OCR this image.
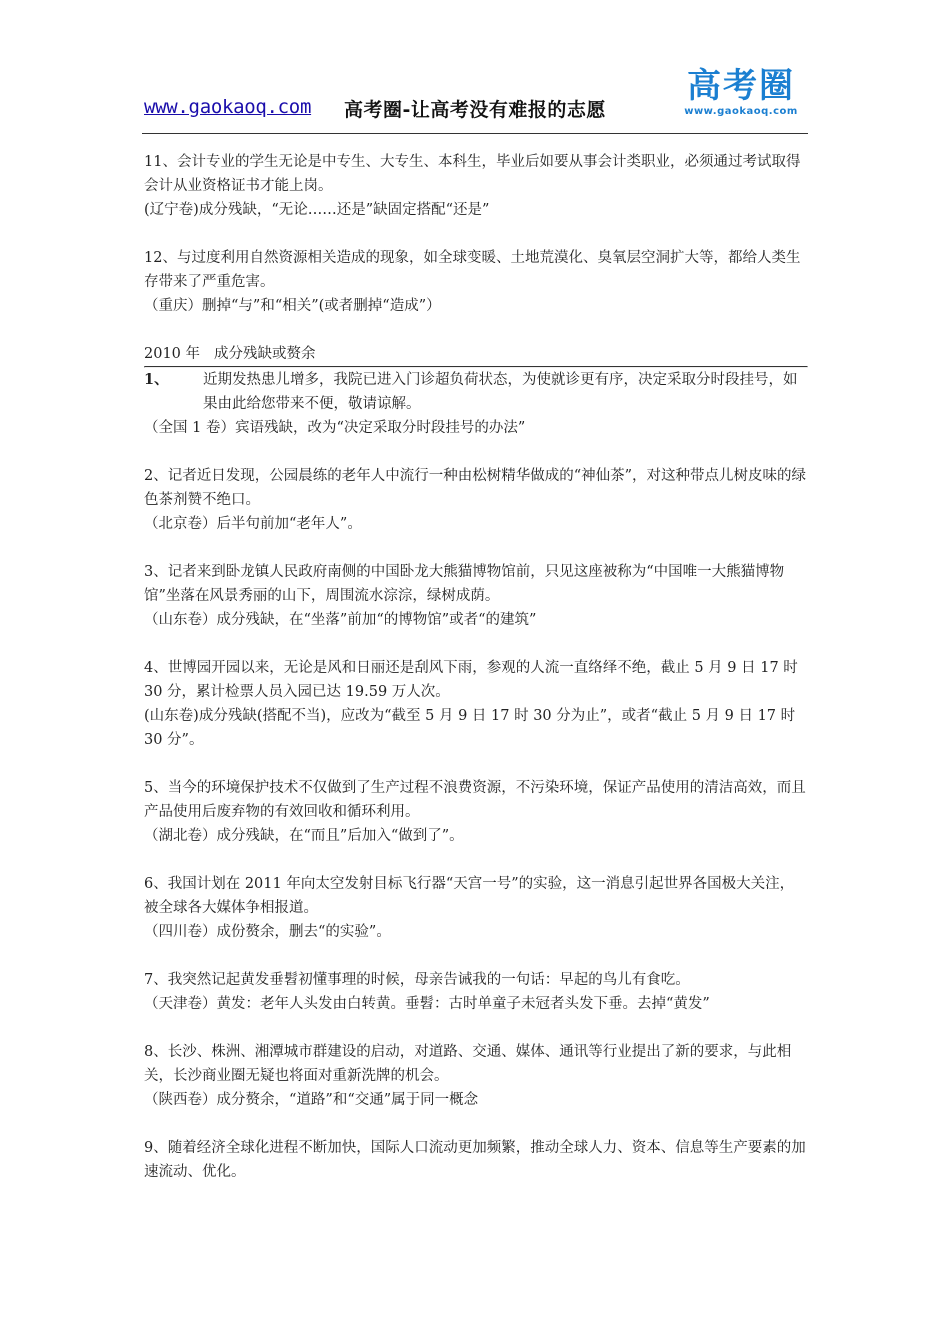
www.gaokaoq.com 高考圈-让高考没有难报的志愿
高考圈
www.gaokaoq.com

11、会计专业的学生无论是中专生、大专生、本科生，毕业后如要从事会计类职业，必须通过考试取得会计从业资格证书才能上岗。

(辽宁卷)成分残缺，“无论……还是”缺固定搭配“还是”

12、与过度利用自然资源相关造成的现象，如全球变暖、土地荒漠化、臭氧层空洞扩大等，都给人类生存带来了严重危害。

（重庆）删掉“与”和“相关”(或者删掉“造成”）

2010 年 成分残缺或赘余

1、	近期发热患儿增多，我院已进入门诊超负荷状态，为使就诊更有序，决定采取分时段挂号，如果由此给您带来不便，敬请谅解。

（全国 1 卷）宾语残缺，改为“决定采取分时段挂号的办法”

2、记者近日发现，公园晨练的老年人中流行一种由松树精华做成的“神仙茶”，对这种带点儿树皮味的绿色茶剂赞不绝口。

（北京卷）后半句前加“老年人”。

3、记者来到卧龙镇人民政府南侧的中国卧龙大熊猫博物馆前，只见这座被称为“中国唯一大熊猫博物馆”坐落在风景秀丽的山下，周围流水淙淙，绿树成荫。

（山东卷）成分残缺，在“坐落”前加“的博物馆”或者“的建筑”

4、世博园开园以来，无论是风和日丽还是刮风下雨，参观的人流一直络绎不绝，截止 5 月 9 日 17 时 30 分，累计检票人员入园已达 19.59 万人次。

(山东卷)成分残缺(搭配不当)，应改为“截至 5 月 9 日 17 时 30 分为止”，或者“截止 5 月 9 日 17 时 30 分”。

5、当今的环境保护技术不仅做到了生产过程不浪费资源，不污染环境，保证产品使用的清洁高效，而且产品使用后废弃物的有效回收和循环利用。

（湖北卷）成分残缺，在“而且”后加入“做到了”。

6、我国计划在 2011 年向太空发射目标飞行器“天宫一号”的实验，这一消息引起世界各国极大关注，被全球各大媒体争相报道。

（四川卷）成份赘余，删去“的实验”。

7、我突然记起黄发垂髫初懂事理的时候，母亲告诫我的一句话：早起的鸟儿有食吃。

（天津卷）黄发：老年人头发由白转黄。垂髫：古时单童子未冠者头发下垂。去掉“黄发”

8、长沙、株洲、湘潭城市群建设的启动，对道路、交通、媒体、通讯等行业提出了新的要求，与此相关，长沙商业圈无疑也将面对重新洗牌的机会。

（陕西卷）成分赘余，“道路”和“交通”属于同一概念

9、随着经济全球化进程不断加快，国际人口流动更加频繁，推动全球人力、资本、信息等生产要素的加速流动、优化。
